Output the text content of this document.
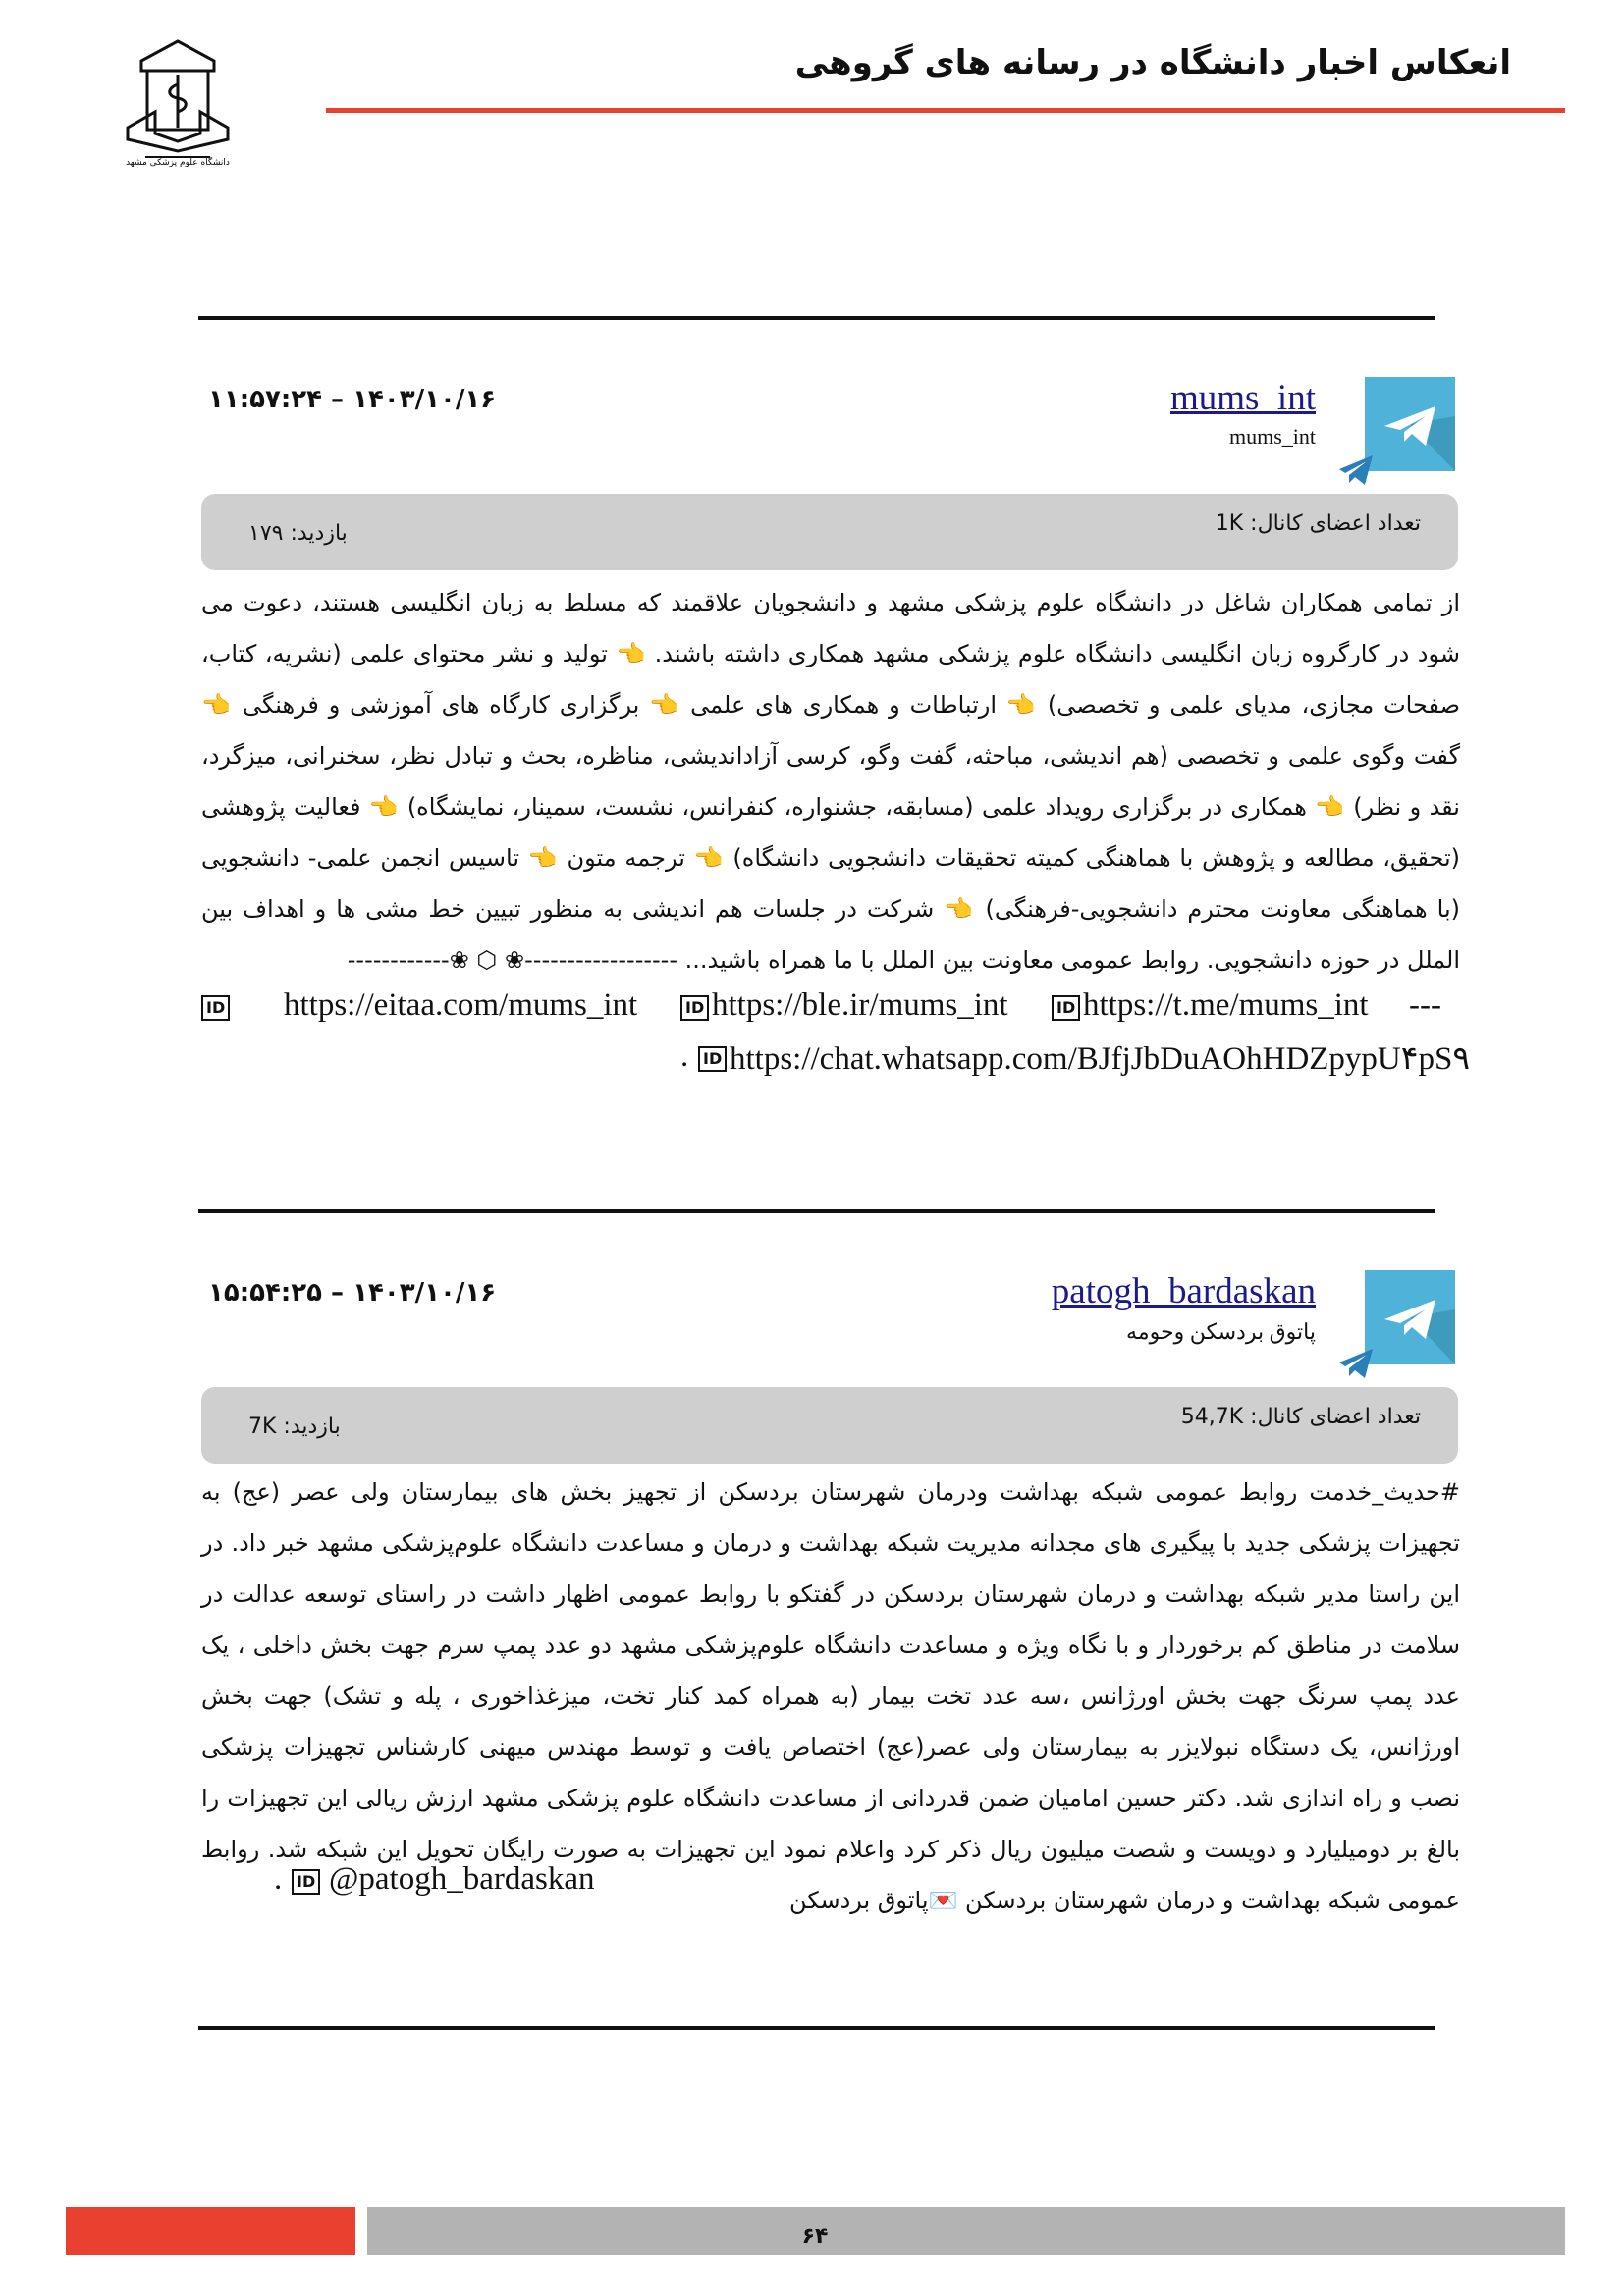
انعکاس اخبار دانشگاه در رسانه های گروهی
دانشگاه علوم پزشکی مشهد
mums_int
mums_int
۱۱:۵۷:۲۴ – ۱۴۰۳/۱۰/۱۶
تعداد اعضای کانال: 1K
بازدید: ۱۷۹
از تمامی همکاران شاغل در دانشگاه علوم پزشکی مشهد و دانشجویان علاقمند که مسلط به زبان انگلیسی هستند، دعوت می شود در کارگروه زبان انگلیسی دانشگاه علوم پزشکی مشهد همکاری داشته باشند. 👈 تولید و نشر محتوای علمی (نشریه، کتاب، صفحات مجازی، مدیای علمی و تخصصی) 👈 ارتباطات و همکاری های علمی 👈 برگزاری کارگاه های آموزشی و فرهنگی 👈 گفت وگوی علمی و تخصصی (هم اندیشی، مباحثه، گفت وگو، کرسی آزاداندیشی، مناظره، بحث و تبادل نظر، سخنرانی، میزگرد، نقد و نظر) 👈 همکاری در برگزاری رویداد علمی (مسابقه، جشنواره، کنفرانس، نشست، سمینار، نمایشگاه) 👈 فعالیت پژوهشی (تحقیق، مطالعه و پژوهش با هماهنگی کمیته تحقیقات دانشجویی دانشگاه) 👈 ترجمه متون 👈 تاسیس انجمن علمی- دانشجویی (با هماهنگی معاونت محترم دانشجویی-فرهنگی) 👈 شرکت در جلسات هم اندیشی به منظور تبیین خط مشی ها و اهداف بین الملل در حوزه دانشجویی. روابط عمومی معاونت بین الملل با ما همراه باشید... ------------------❀ ⬡ ❀------------
ID https://eitaa.com/mums_int	ID https://ble.ir/mums_int	ID https://t.me/mums_int ---
. ID https://chat.whatsapp.com/BJfjJbDuAOhHDZpypU۴pS۹
patogh_bardaskan
پاتوق بردسکن وحومه
۱۵:۵۴:۲۵ – ۱۴۰۳/۱۰/۱۶
تعداد اعضای کانال: 54,7K
بازدید: 7K
#حدیث_خدمت روابط عمومی شبکه بهداشت ودرمان شهرستان بردسکن از تجهیز بخش های بیمارستان ولی عصر (عج) به تجهیزات پزشکی جدید با پیگیری های مجدانه مدیریت شبکه بهداشت و درمان و مساعدت دانشگاه علوم‌پزشکی مشهد خبر داد. در این راستا مدیر شبکه بهداشت و درمان شهرستان بردسکن در گفتکو با روابط عمومی اظهار داشت در راستای توسعه عدالت در سلامت در مناطق کم برخوردار و با نگاه ویژه و مساعدت دانشگاه علوم‌پزشکی مشهد دو عدد پمپ سرم جهت بخش داخلی ، یک عدد پمپ سرنگ جهت بخش اورژانس ،سه عدد تخت بیمار (به همراه کمد کنار تخت، میزغذاخوری ، پله و تشک) جهت بخش اورژانس، یک دستگاه نبولایزر به بیمارستان ولی عصر(عج) اختصاص یافت و توسط مهندس میهنی کارشناس تجهیزات پزشکی نصب و راه اندازی شد. دکتر حسین امامیان ضمن قدردانی از مساعدت دانشگاه علوم پزشکی مشهد ارزش ریالی این تجهیزات را بالغ بر دومیلیارد و دویست و شصت میلیون ریال ذکر کرد واعلام نمود این تجهیزات به صورت رایگان تحویل این شبکه شد. روابط عمومی شبکه بهداشت و درمان شهرستان بردسکن 💌پاتوق بردسکن
. ID @patogh_bardaskan
۶۴
